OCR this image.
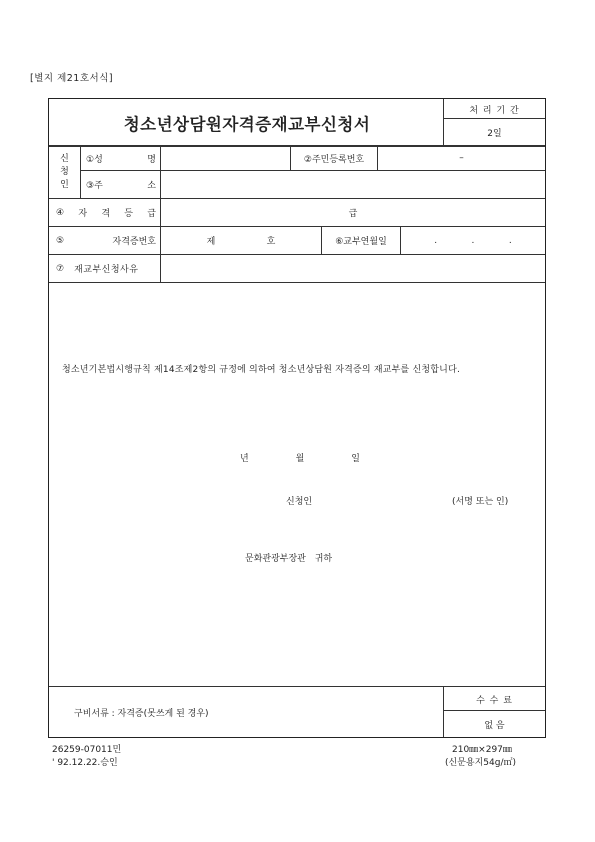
[별지 제21호서식]
청소년상담원자격증재교부신청서
처 리 기 간
2일
신
청
인
①성	명	②주민등록번호	–
③주	소
④ 자 격 등 급	급
⑤	자격증번호	제	호	⑥교부연월일	.	.	.
⑦ 재교부신청사유
청소년기본법시행규칙 제14조제2항의 규정에 의하여 청소년상담원 자격증의 재교부를 신청합니다.
년	월	일
신청인	(서명 또는 인)
문화관광부장관 귀하
구비서류 : 자격증(못쓰게 된 경우)
수 수 료
없 음
26259-07011민
' 92.12.22.승인
210㎜×297㎜
(신문용지54g/㎡)
